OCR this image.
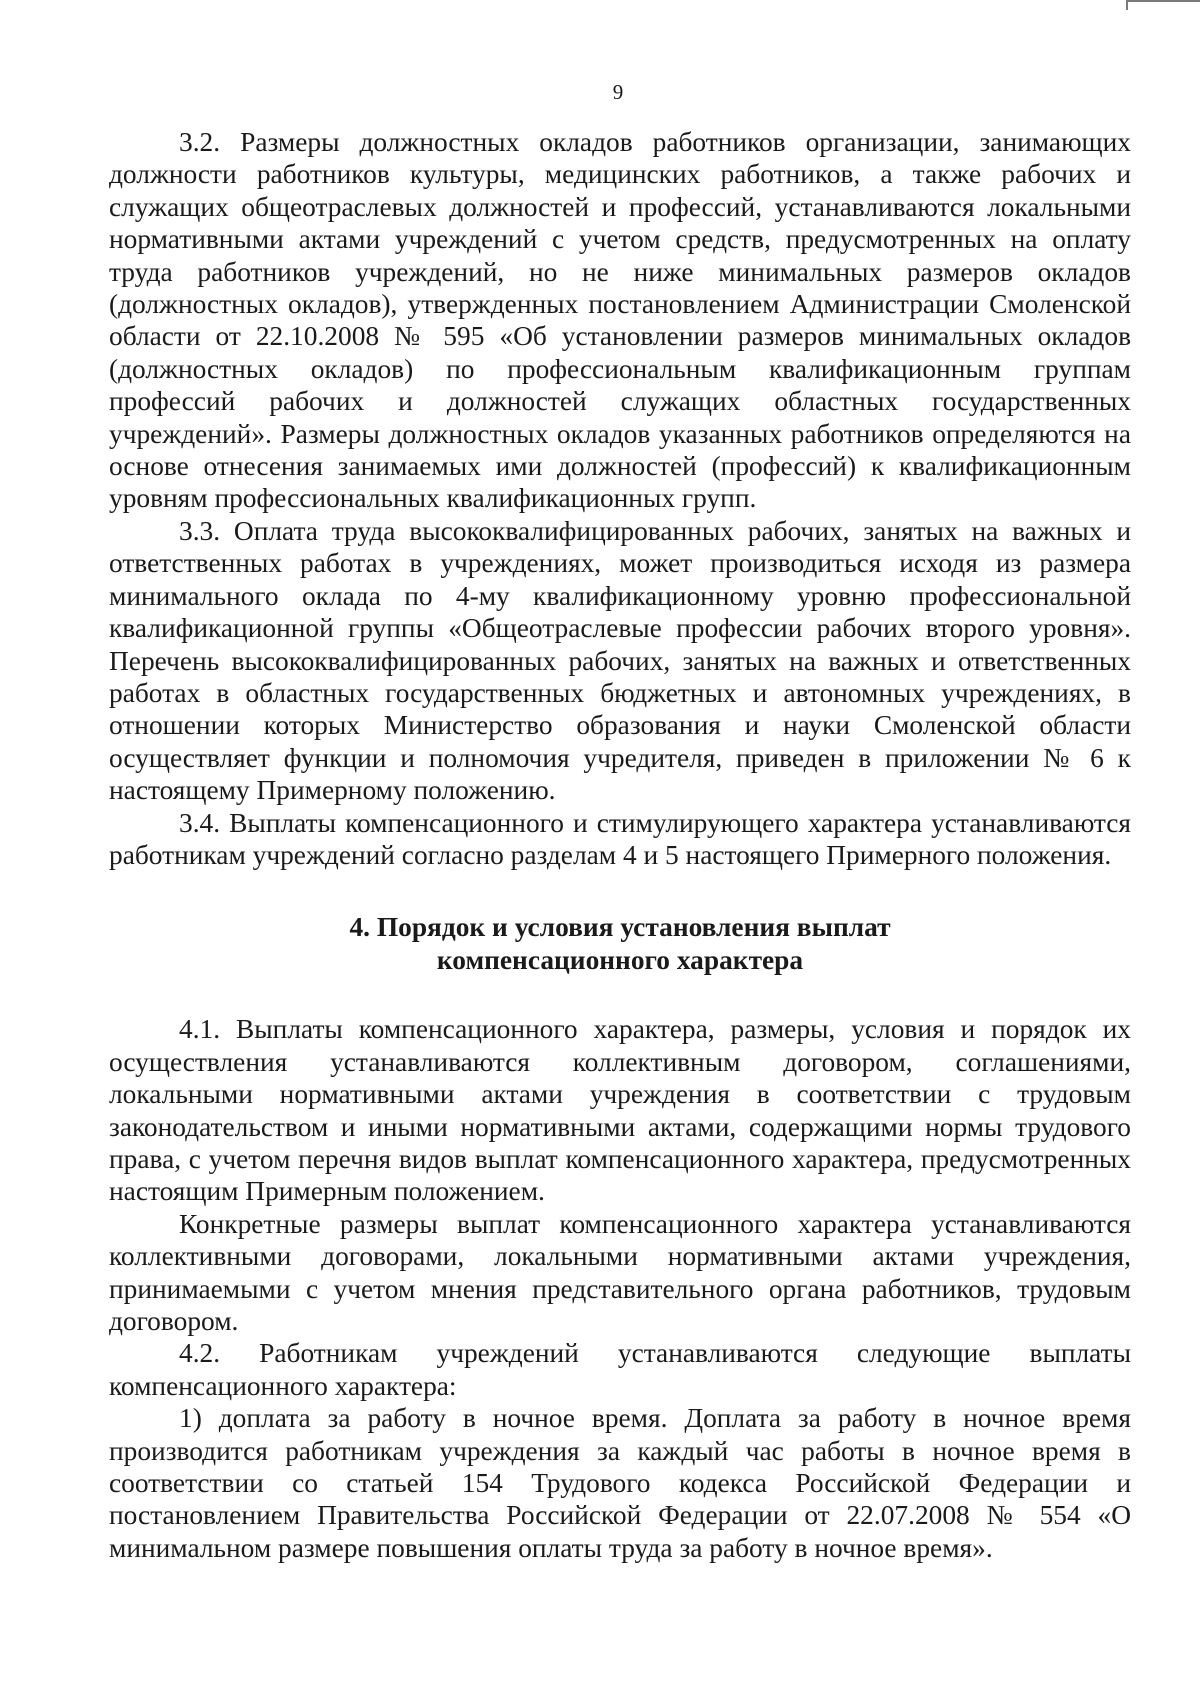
9

3.2. Размеры должностных окладов работников организации, занимающих должности работников культуры, медицинских работников, а также рабочих и служащих общеотраслевых должностей и профессий, устанавливаются локальными нормативными актами учреждений с учетом средств, предусмотренных на оплату труда работников учреждений, но не ниже минимальных размеров окладов (должностных окладов), утвержденных постановлением Администрации Смоленской области от 22.10.2008 № 595 «Об установлении размеров минимальных окладов (должностных окладов) по профессиональным квалификационным группам профессий рабочих и должностей служащих областных государственных учреждений». Размеры должностных окладов указанных работников определяются на основе отнесения занимаемых ими должностей (профессий) к квалификационным уровням профессиональных квалификационных групп.

3.3. Оплата труда высококвалифицированных рабочих, занятых на важных и ответственных работах в учреждениях, может производиться исходя из размера минимального оклада по 4-му квалификационному уровню профессиональной квалификационной группы «Общеотраслевые профессии рабочих второго уровня». Перечень высококвалифицированных рабочих, занятых на важных и ответственных работах в областных государственных бюджетных и автономных учреждениях, в отношении которых Министерство образования и науки Смоленской области осуществляет функции и полномочия учредителя, приведен в приложении № 6 к настоящему Примерному положению.

3.4. Выплаты компенсационного и стимулирующего характера устанавливаются работникам учреждений согласно разделам 4 и 5 настоящего Примерного положения.

4. Порядок и условия установления выплат
компенсационного характера

4.1. Выплаты компенсационного характера, размеры, условия и порядок их осуществления устанавливаются коллективным договором, соглашениями, локальными нормативными актами учреждения в соответствии с трудовым законодательством и иными нормативными актами, содержащими нормы трудового права, с учетом перечня видов выплат компенсационного характера, предусмотренных настоящим Примерным положением.

Конкретные размеры выплат компенсационного характера устанавливаются коллективными договорами, локальными нормативными актами учреждения, принимаемыми с учетом мнения представительного органа работников, трудовым договором.

4.2. Работникам учреждений устанавливаются следующие выплаты компенсационного характера:

1) доплата за работу в ночное время. Доплата за работу в ночное время производится работникам учреждения за каждый час работы в ночное время в соответствии со статьей 154 Трудового кодекса Российской Федерации и постановлением Правительства Российской Федерации от 22.07.2008 № 554 «О минимальном размере повышения оплаты труда за работу в ночное время».
